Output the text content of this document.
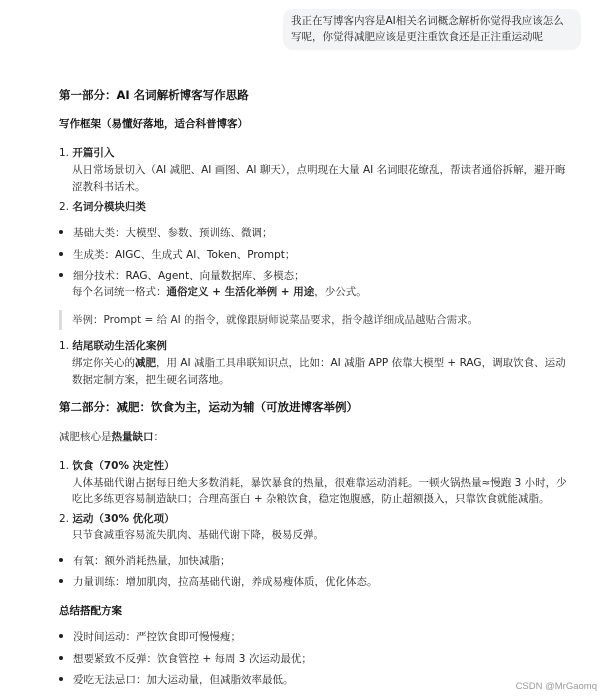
我正在写博客内容是AI相关名词概念解析你觉得我应该怎么
写呢，你觉得减肥应该是更注重饮食还是正注重运动呢
第一部分：AI 名词解析博客写作思路
写作框架（易懂好落地，适合科普博客）
1. 开篇引入
从日常场景切入（AI 减肥、AI 画图、AI 聊天），点明现在大量 AI 名词眼花缭乱，帮读者通俗拆解，避开晦
涩教科书话术。
2. 名词分模块归类
基础大类：大模型、参数、预训练、微调；
生成类：AIGC、生成式 AI、Token、Prompt；
细分技术：RAG、Agent、向量数据库、多模态；
每个名词统一格式：通俗定义 + 生活化举例 + 用途，少公式。
举例：Prompt = 给 AI 的指令，就像跟厨师说菜品要求，指令越详细成品越贴合需求。
1. 结尾联动生活化案例
绑定你关心的减肥，用 AI 减脂工具串联知识点，比如：AI 减脂 APP 依靠大模型 + RAG，调取饮食、运动
数据定制方案，把生硬名词落地。
第二部分：减肥：饮食为主，运动为辅（可放进博客举例）
减肥核心是热量缺口：
1. 饮食（70% 决定性）
人体基础代谢占据每日绝大多数消耗，暴饮暴食的热量，很难靠运动消耗。一顿火锅热量≈慢跑 3 小时，少
吃比多练更容易制造缺口；合理高蛋白 + 杂粮饮食，稳定饱腹感，防止超额摄入，只靠饮食就能减脂。
2. 运动（30% 优化项）
只节食减重容易流失肌肉、基础代谢下降，极易反弹。
有氧：额外消耗热量，加快减脂；
力量训练：增加肌肉，拉高基础代谢，养成易瘦体质，优化体态。
总结搭配方案
没时间运动：严控饮食即可慢慢瘦；
想要紧致不反弹：饮食管控 + 每周 3 次运动最优；
爱吃无法忌口：加大运动量，但减脂效率最低。
CSDN @MrGaomq
